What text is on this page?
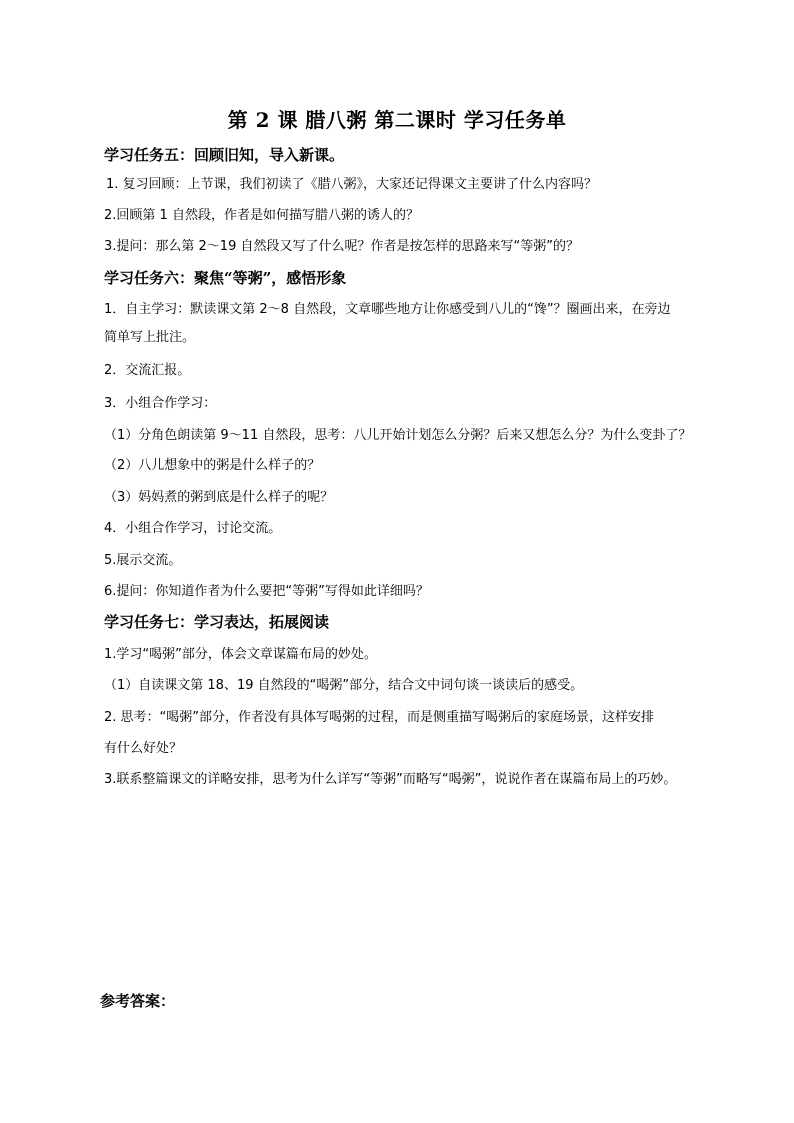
第 2 课 腊八粥 第二课时 学习任务单
学习任务五：回顾旧知，导入新课。
1. 复习回顾：上节课，我们初读了《腊八粥》，大家还记得课文主要讲了什么内容吗？
2.回顾第 1 自然段，作者是如何描写腊八粥的诱人的？
3.提问：那么第 2～19 自然段又写了什么呢？作者是按怎样的思路来写“等粥”的？
学习任务六：聚焦“等粥”，感悟形象
1．自主学习：默读课文第 2～8 自然段，文章哪些地方让你感受到八儿的“馋”？圈画出来，在旁边
简单写上批注。
2．交流汇报。
3．小组合作学习：
（1）分角色朗读第 9～11 自然段，思考：八儿开始计划怎么分粥？后来又想怎么分？为什么变卦了？
（2）八儿想象中的粥是什么样子的？
（3）妈妈煮的粥到底是什么样子的呢？
4．小组合作学习，讨论交流。
5.展示交流。
6.提问：你知道作者为什么要把“等粥”写得如此详细吗？
学习任务七：学习表达，拓展阅读
1.学习“喝粥”部分，体会文章谋篇布局的妙处。
（1）自读课文第 18、19 自然段的“喝粥”部分，结合文中词句谈一谈读后的感受。
2. 思考：“喝粥”部分，作者没有具体写喝粥的过程，而是侧重描写喝粥后的家庭场景，这样安排
有什么好处？
3.联系整篇课文的详略安排，思考为什么详写“等粥”而略写“喝粥”，说说作者在谋篇布局上的巧妙。
参考答案：
